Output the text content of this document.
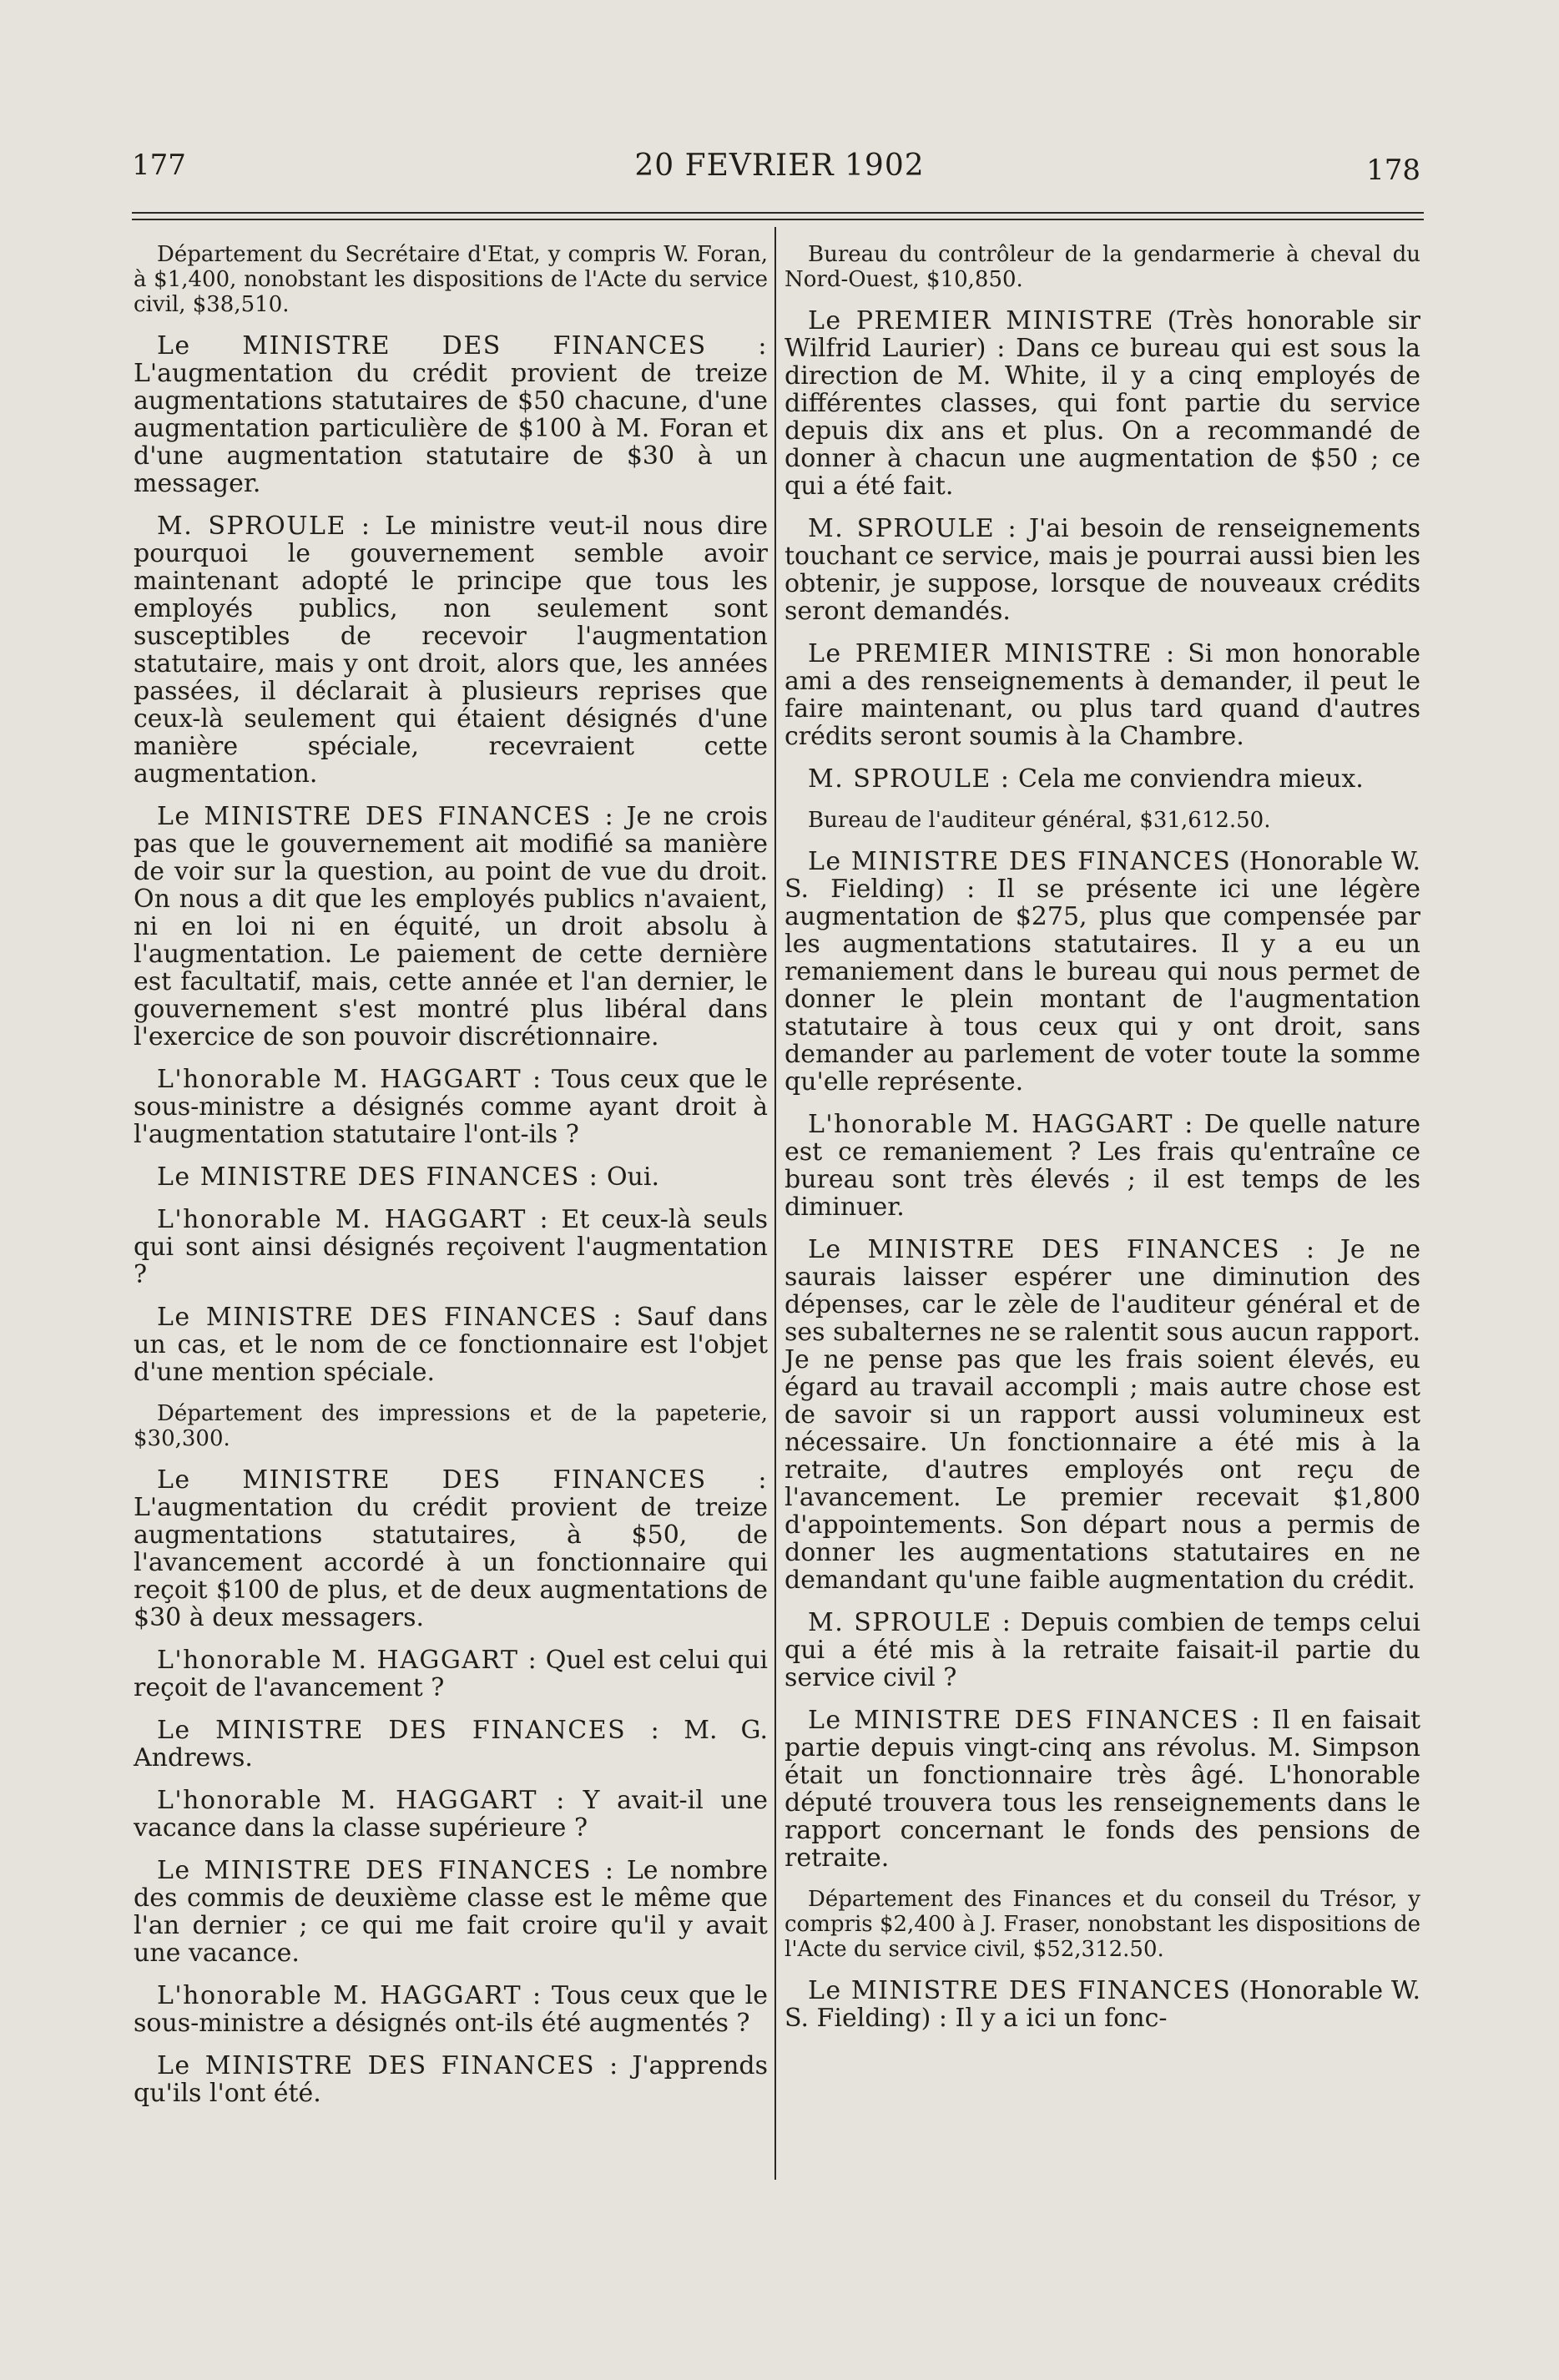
177	20 FEVRIER 1902	178

Département du Secrétaire d'Etat, y compris W. Foran, à $1,400, nonobstant les dispositions de l'Acte du service civil, $38,510.

Le MINISTRE DES FINANCES : L'augmentation du crédit provient de treize augmentations statutaires de $50 chacune, d'une augmentation particulière de $100 à M. Foran et d'une augmentation statutaire de $30 à un messager.

M. SPROULE : Le ministre veut-il nous dire pourquoi le gouvernement semble avoir maintenant adopté le principe que tous les employés publics, non seulement sont susceptibles de recevoir l'augmentation statutaire, mais y ont droit, alors que, les années passées, il déclarait à plusieurs reprises que ceux-là seulement qui étaient désignés d'une manière spéciale, recevraient cette augmentation.

Le MINISTRE DES FINANCES : Je ne crois pas que le gouvernement ait modifié sa manière de voir sur la question, au point de vue du droit. On nous a dit que les employés publics n'avaient, ni en loi ni en équité, un droit absolu à l'augmentation. Le paiement de cette dernière est facultatif, mais, cette année et l'an dernier, le gouvernement s'est montré plus libéral dans l'exercice de son pouvoir discrétionnaire.

L'honorable M. HAGGART : Tous ceux que le sous-ministre a désignés comme ayant droit à l'augmentation statutaire l'ont-ils ?

Le MINISTRE DES FINANCES : Oui.

L'honorable M. HAGGART : Et ceux-là seuls qui sont ainsi désignés reçoivent l'augmentation ?

Le MINISTRE DES FINANCES : Sauf dans un cas, et le nom de ce fonctionnaire est l'objet d'une mention spéciale.

Département des impressions et de la papeterie, $30,300.

Le MINISTRE DES FINANCES : L'augmentation du crédit provient de treize augmentations statutaires, à $50, de l'avancement accordé à un fonctionnaire qui reçoit $100 de plus, et de deux augmentations de $30 à deux messagers.

L'honorable M. HAGGART : Quel est celui qui reçoit de l'avancement ?

Le MINISTRE DES FINANCES : M. G. Andrews.

L'honorable M. HAGGART : Y avait-il une vacance dans la classe supérieure ?

Le MINISTRE DES FINANCES : Le nombre des commis de deuxième classe est le même que l'an dernier ; ce qui me fait croire qu'il y avait une vacance.

L'honorable M. HAGGART : Tous ceux que le sous-ministre a désignés ont-ils été augmentés ?

Le MINISTRE DES FINANCES : J'apprends qu'ils l'ont été.

Bureau du contrôleur de la gendarmerie à cheval du Nord-Ouest, $10,850.

Le PREMIER MINISTRE (Très honorable sir Wilfrid Laurier) : Dans ce bureau qui est sous la direction de M. White, il y a cinq employés de différentes classes, qui font partie du service depuis dix ans et plus. On a recommandé de donner à chacun une augmentation de $50 ; ce qui a été fait.

M. SPROULE : J'ai besoin de renseignements touchant ce service, mais je pourrai aussi bien les obtenir, je suppose, lorsque de nouveaux crédits seront demandés.

Le PREMIER MINISTRE : Si mon honorable ami a des renseignements à demander, il peut le faire maintenant, ou plus tard quand d'autres crédits seront soumis à la Chambre.

M. SPROULE : Cela me conviendra mieux.

Bureau de l'auditeur général, $31,612.50.

Le MINISTRE DES FINANCES (Honorable W. S. Fielding) : Il se présente ici une légère augmentation de $275, plus que compensée par les augmentations statutaires. Il y a eu un remaniement dans le bureau qui nous permet de donner le plein montant de l'augmentation statutaire à tous ceux qui y ont droit, sans demander au parlement de voter toute la somme qu'elle représente.

L'honorable M. HAGGART : De quelle nature est ce remaniement ? Les frais qu'entraîne ce bureau sont très élevés ; il est temps de les diminuer.

Le MINISTRE DES FINANCES : Je ne saurais laisser espérer une diminution des dépenses, car le zèle de l'auditeur général et de ses subalternes ne se ralentit sous aucun rapport. Je ne pense pas que les frais soient élevés, eu égard au travail accompli ; mais autre chose est de savoir si un rapport aussi volumineux est nécessaire. Un fonctionnaire a été mis à la retraite, d'autres employés ont reçu de l'avancement. Le premier recevait $1,800 d'appointements. Son départ nous a permis de donner les augmentations statutaires en ne demandant qu'une faible augmentation du crédit.

M. SPROULE : Depuis combien de temps celui qui a été mis à la retraite faisait-il partie du service civil ?

Le MINISTRE DES FINANCES : Il en faisait partie depuis vingt-cinq ans révolus. M. Simpson était un fonctionnaire très âgé. L'honorable député trouvera tous les renseignements dans le rapport concernant le fonds des pensions de retraite.

Département des Finances et du conseil du Trésor, y compris $2,400 à J. Fraser, nonobstant les dispositions de l'Acte du service civil, $52,312.50.

Le MINISTRE DES FINANCES (Honorable W. S. Fielding) : Il y a ici un fonc-
